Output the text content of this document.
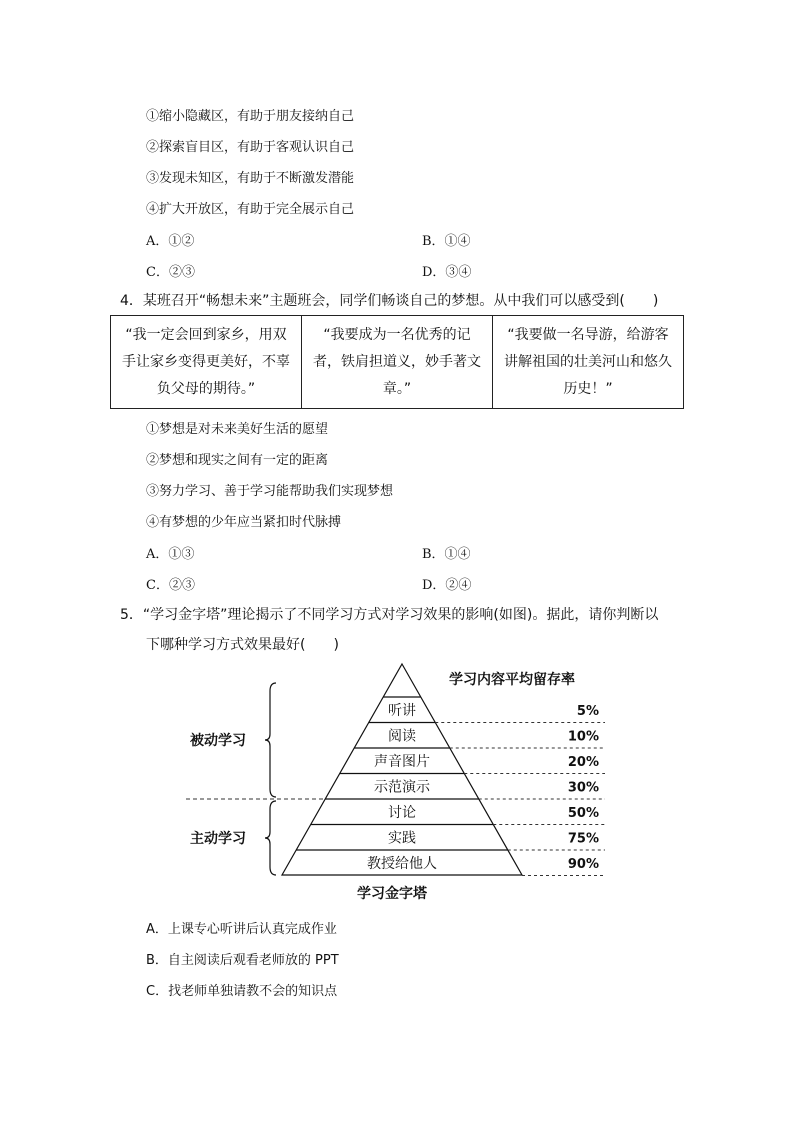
①缩小隐藏区，有助于朋友接纳自己
②探索盲目区，有助于客观认识自己
③发现未知区，有助于不断激发潜能
④扩大开放区，有助于完全展示自己
A．①②	B．①④
C．②③	D．③④
4．某班召开“畅想未来”主题班会，同学们畅谈自己的梦想。从中我们可以感受到(　　)
“我一定会回到家乡，用双手让家乡变得更美好，不辜负父母的期待。”	“我要成为一名优秀的记者，铁肩担道义，妙手著文章。”	“我要做一名导游，给游客讲解祖国的壮美河山和悠久历史！”
①梦想是对未来美好生活的愿望
②梦想和现实之间有一定的距离
③努力学习、善于学习能帮助我们实现梦想
④有梦想的少年应当紧扣时代脉搏
A．①③	B．①④
C．②③	D．②④
5．“学习金字塔”理论揭示了不同学习方式对学习效果的影响(如图)。据此，请你判断以
下哪种学习方式效果最好(　　)
学习内容平均留存率
学习金字塔
听讲	5%
阅读	10%
声音图片	20%
示范演示	30%
讨论	50%
实践	75%
教授给他人	90%
被动学习
主动学习
A．上课专心听讲后认真完成作业
B．自主阅读后观看老师放的 PPT
C．找老师单独请教不会的知识点
